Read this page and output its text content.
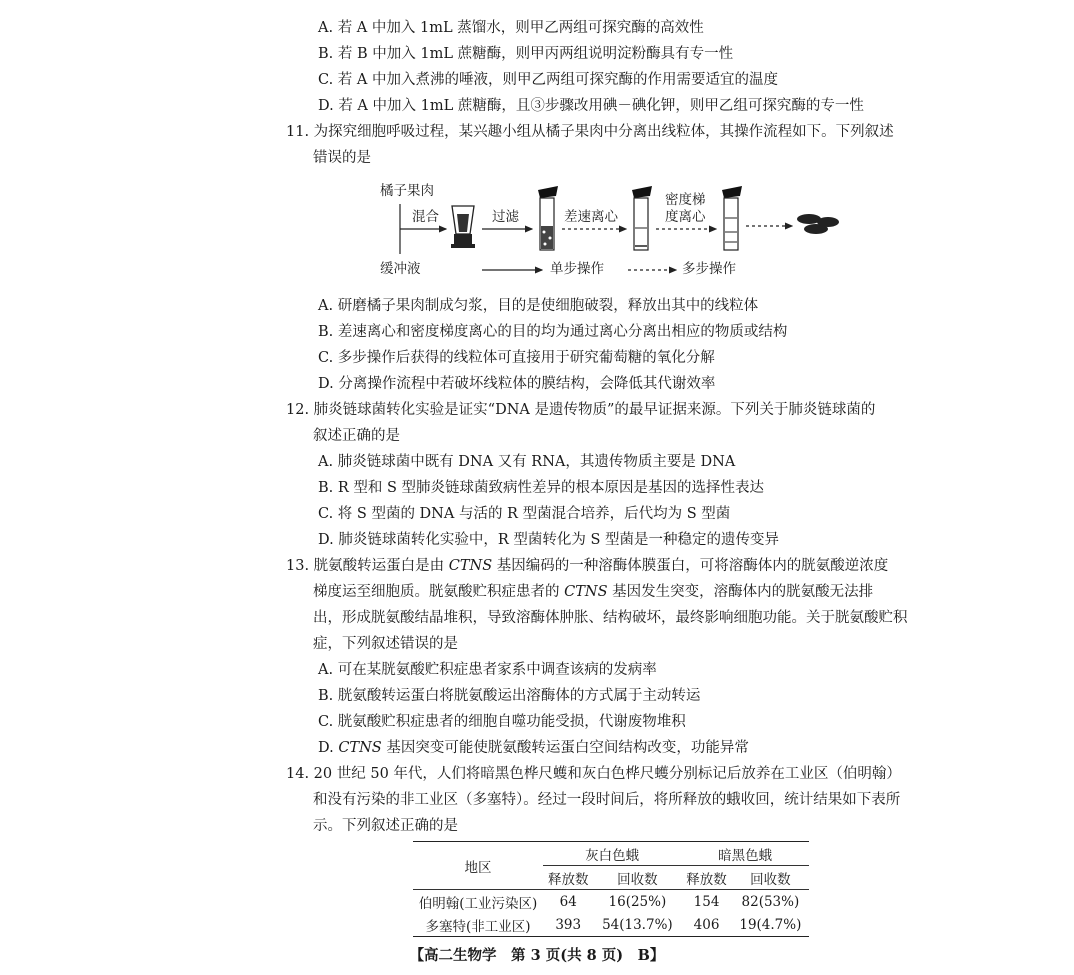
A. 若 A 中加入 1mL 蒸馏水，则甲乙两组可探究酶的高效性
B. 若 B 中加入 1mL 蔗糖酶，则甲丙两组说明淀粉酶具有专一性
C. 若 A 中加入煮沸的唾液，则甲乙两组可探究酶的作用需要适宜的温度
D. 若 A 中加入 1mL 蔗糖酶，且③步骤改用碘－碘化钾，则甲乙组可探究酶的专一性
11. 为探究细胞呼吸过程，某兴趣小组从橘子果肉中分离出线粒体，其操作流程如下。下列叙述
错误的是
橘子果肉
缓冲液
混合	过滤	差速离心
密度梯
度离心
单步操作	多步操作
A. 研磨橘子果肉制成匀浆，目的是使细胞破裂，释放出其中的线粒体
B. 差速离心和密度梯度离心的目的均为通过离心分离出相应的物质或结构
C. 多步操作后获得的线粒体可直接用于研究葡萄糖的氧化分解
D. 分离操作流程中若破坏线粒体的膜结构，会降低其代谢效率
12. 肺炎链球菌转化实验是证实“DNA 是遗传物质”的最早证据来源。下列关于肺炎链球菌的
叙述正确的是
A. 肺炎链球菌中既有 DNA 又有 RNA，其遗传物质主要是 DNA
B. R 型和 S 型肺炎链球菌致病性差异的根本原因是基因的选择性表达
C. 将 S 型菌的 DNA 与活的 R 型菌混合培养，后代均为 S 型菌
D. 肺炎链球菌转化实验中，R 型菌转化为 S 型菌是一种稳定的遗传变异
13. 胱氨酸转运蛋白是由 CTNS 基因编码的一种溶酶体膜蛋白，可将溶酶体内的胱氨酸逆浓度
梯度运至细胞质。胱氨酸贮积症患者的 CTNS 基因发生突变，溶酶体内的胱氨酸无法排
出，形成胱氨酸结晶堆积，导致溶酶体肿胀、结构破坏，最终影响细胞功能。关于胱氨酸贮积
症，下列叙述错误的是
A. 可在某胱氨酸贮积症患者家系中调查该病的发病率
B. 胱氨酸转运蛋白将胱氨酸运出溶酶体的方式属于主动转运
C. 胱氨酸贮积症患者的细胞自噬功能受损，代谢废物堆积
D. CTNS 基因突变可能使胱氨酸转运蛋白空间结构改变，功能异常
14. 20 世纪 50 年代，人们将暗黑色桦尺蠖和灰白色桦尺蠖分别标记后放养在工业区（伯明翰）
和没有污染的非工业区（多塞特）。经过一段时间后，将所释放的蛾收回，统计结果如下表所
示。下列叙述正确的是
地区	灰白色蛾		暗黑色蛾	
	释放数	回收数	释放数	回收数
伯明翰(工业污染区)	64	16(25%)	154	82(53%)
多塞特(非工业区)	393	54(13.7%)	406	19(4.7%)
【高二生物学　第 3 页(共 8 页)　B】
